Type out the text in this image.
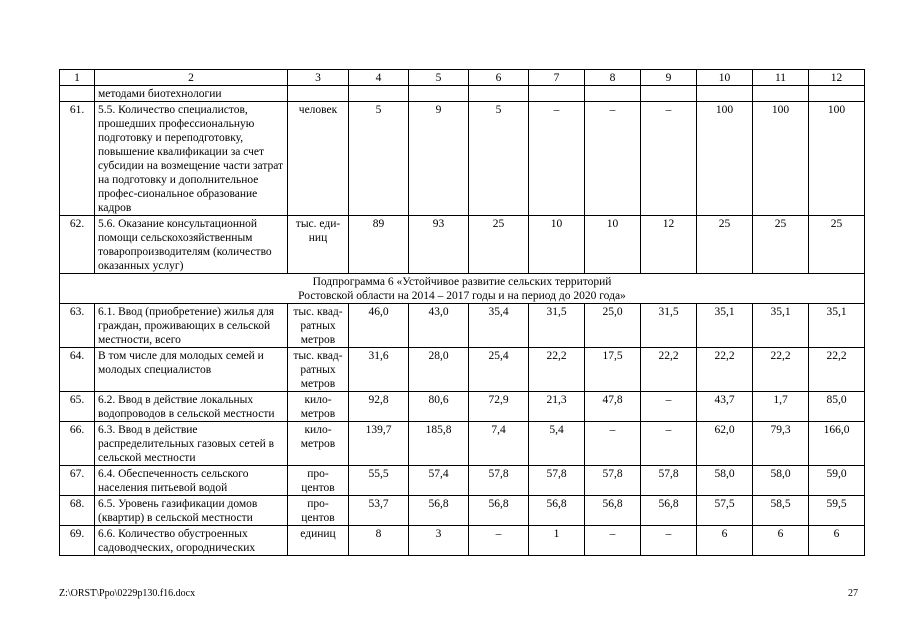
1	2	3	4	5	6	7	8	9	10	11	12
	методами биотехнологии										
61.	5.5. Количество специалистов, прошедших профессиональную подготовку и переподготовку, повышение квалификации за счет субсидии на возмещение части затрат на подготовку и дополнительное профес-сиональное образование кадров	человек	5	9	5	–	–	–	100	100	100
62.	5.6. Оказание консультационной помощи сельскохозяйственным товаропроизводителям (количество оказанных услуг)	тыс. еди-ниц	89	93	25	10	10	12	25	25	25

Подпрограмма 6 «Устойчивое развитие сельских территорий
Ростовской области на 2014 – 2017 годы и на период до 2020 года»											

63.	6.1. Ввод (приобретение) жилья для граждан, проживающих в сельской местности, всего	тыс. квад-ратных метров	46,0	43,0	35,4	31,5	25,0	31,5	35,1	35,1	35,1
64.	В том числе для молодых семей и молодых специалистов	тыс. квад-ратных метров	31,6	28,0	25,4	22,2	17,5	22,2	22,2	22,2	22,2
65.	6.2. Ввод в действие локальных водопроводов в сельской местности	кило-метров	92,8	80,6	72,9	21,3	47,8	–	43,7	1,7	85,0
66.	6.3. Ввод в действие распределительных газовых сетей в сельской местности	кило-метров	139,7	185,8	7,4	5,4	–	–	62,0	79,3	166,0
67.	6.4. Обеспеченность сельского населения питьевой водой	про-центов	55,5	57,4	57,8	57,8	57,8	57,8	58,0	58,0	59,0
68.	6.5. Уровень газификации домов (квартир) в сельской местности	про-центов	53,7	56,8	56,8	56,8	56,8	56,8	57,5	58,5	59,5
69.	6.6. Количество обустроенных садоводческих, огороднических	единиц	8	3	–	1	–	–	6	6	6
Z:\ORST\Ppo\0229p130.f16.docx	27
